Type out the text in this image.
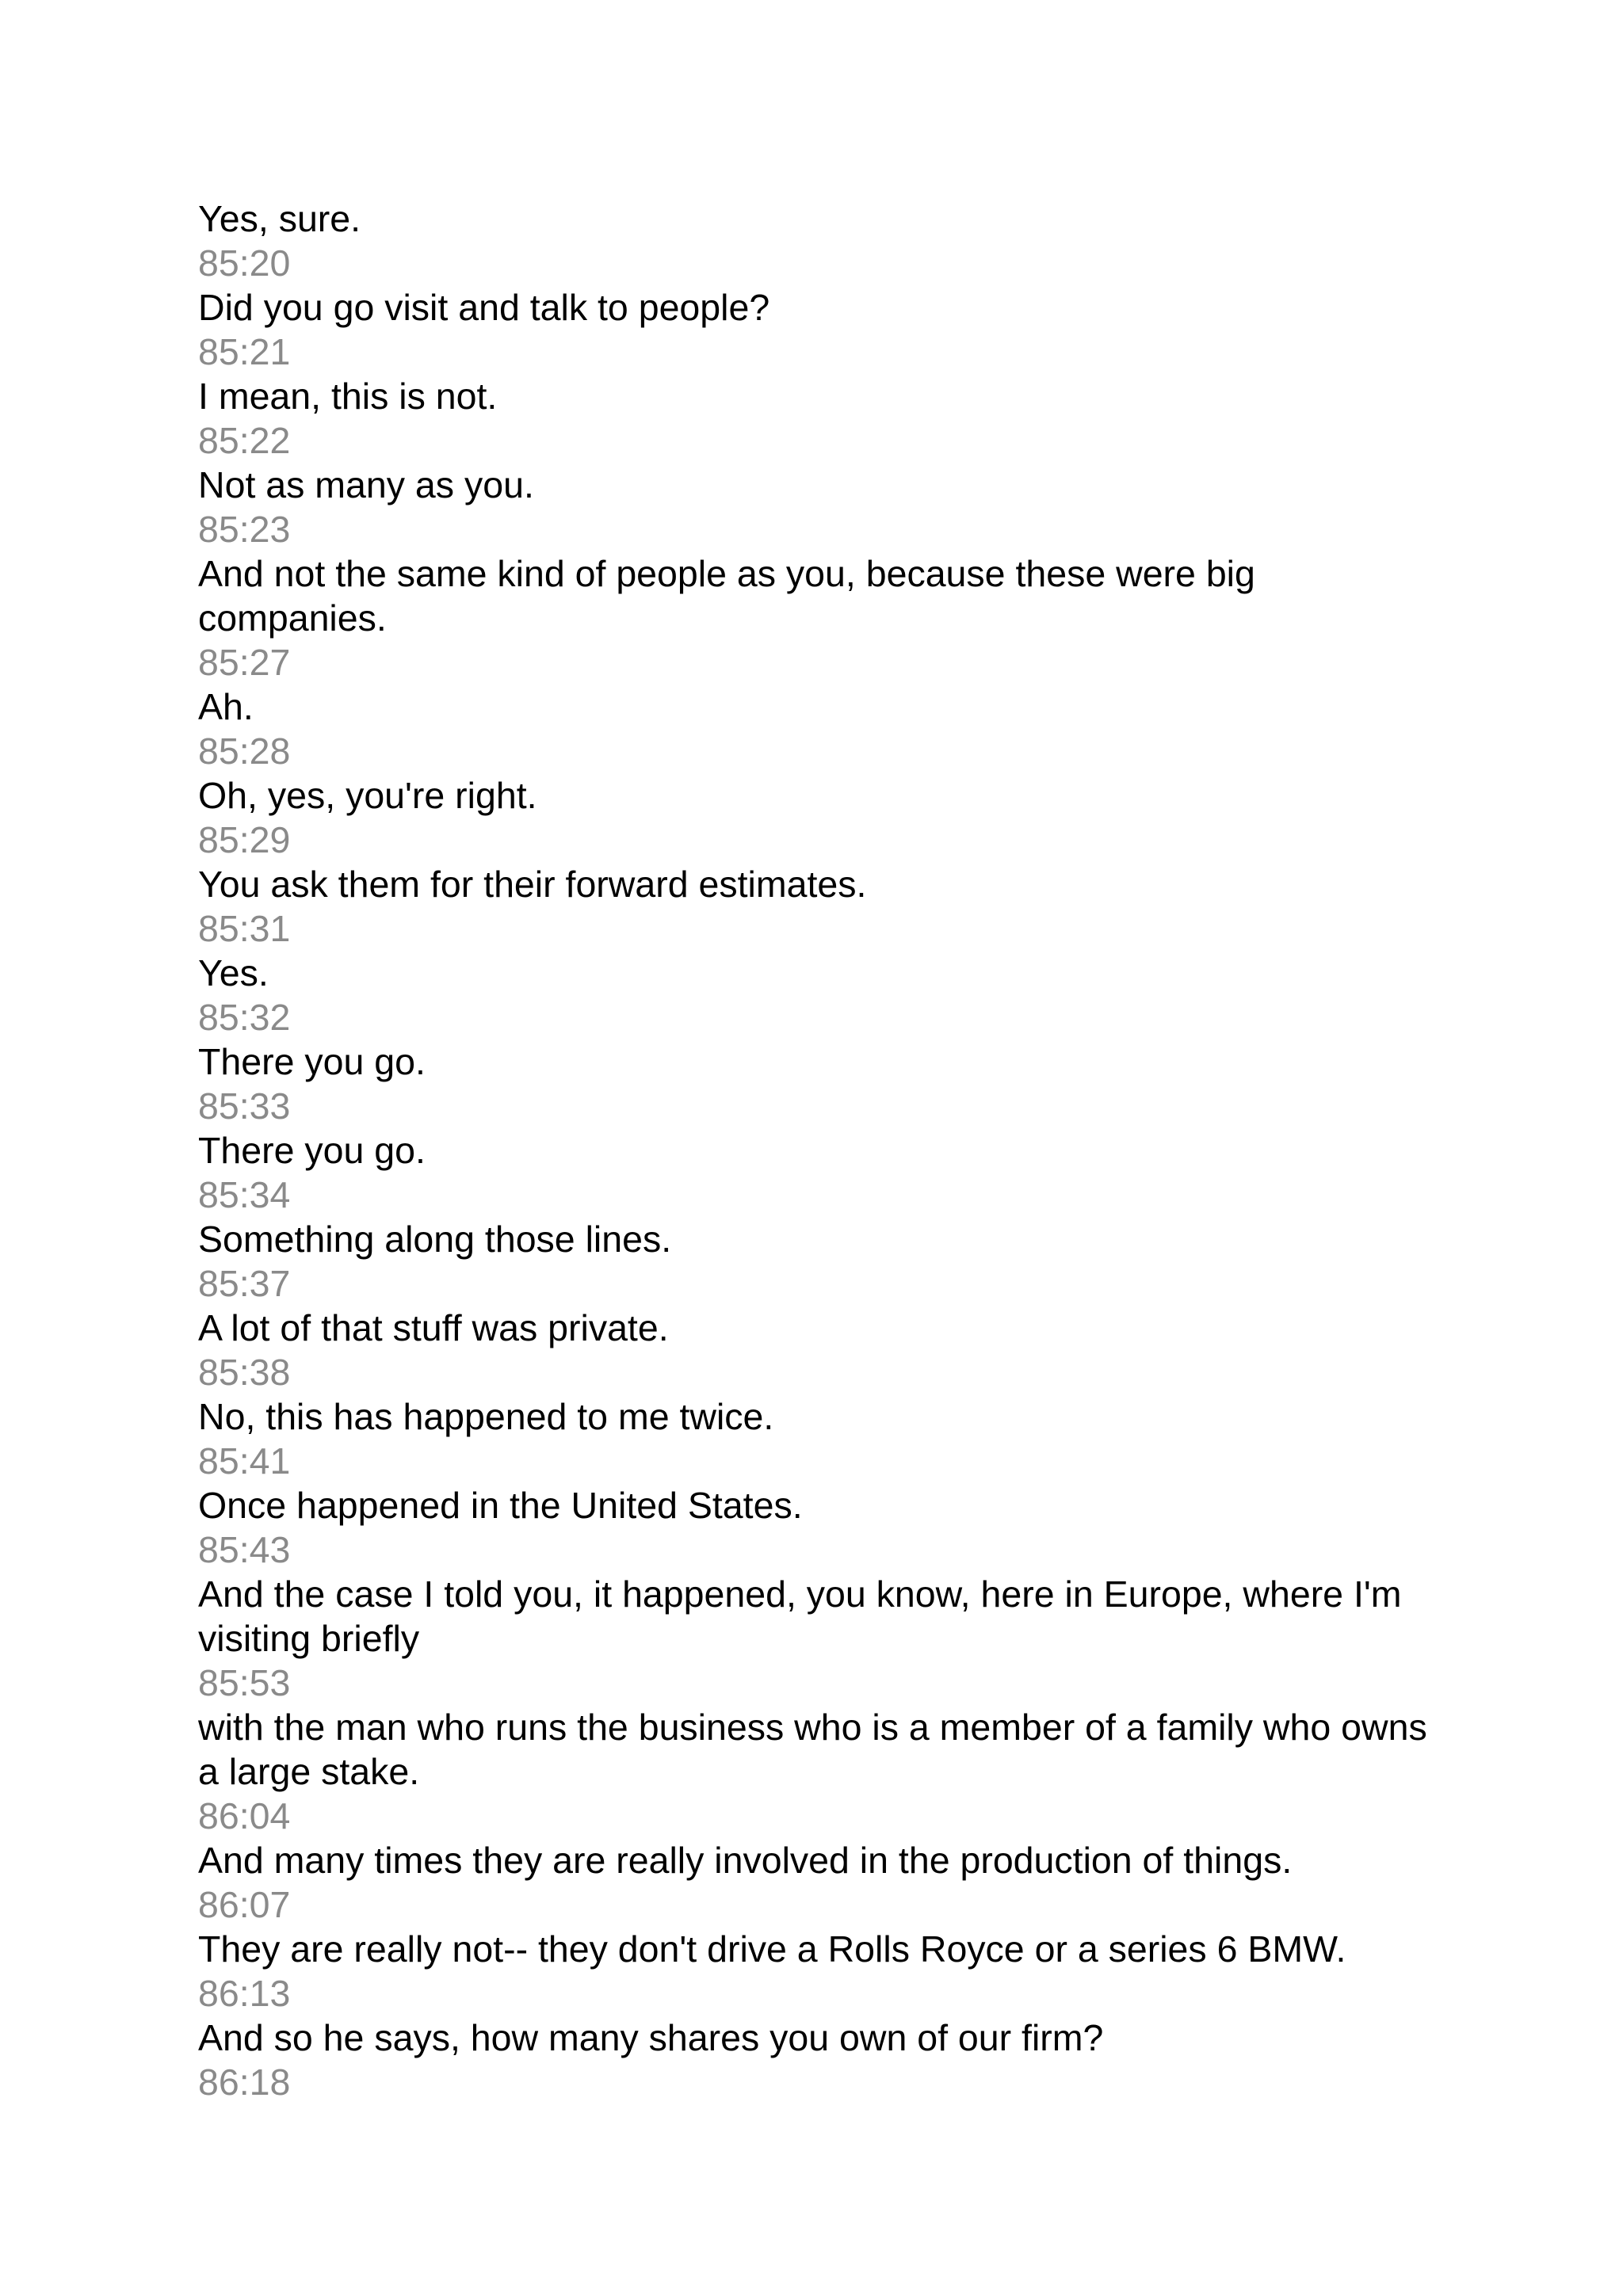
Yes, sure.

85:20

Did you go visit and talk to people?

85:21

I mean, this is not.

85:22

Not as many as you.

85:23

And not the same kind of people as you, because these were big companies.

85:27

Ah.

85:28

Oh, yes, you're right.

85:29

You ask them for their forward estimates.

85:31

Yes.

85:32

There you go.

85:33

There you go.

85:34

Something along those lines.

85:37

A lot of that stuff was private.

85:38

No, this has happened to me twice.

85:41

Once happened in the United States.

85:43

And the case I told you, it happened, you know, here in Europe, where I'm visiting briefly

85:53

with the man who runs the business who is a member of a family who owns a large stake.

86:04

And many times they are really involved in the production of things.

86:07

They are really not-- they don't drive a Rolls Royce or a series 6 BMW.

86:13

And so he says, how many shares you own of our firm?

86:18
